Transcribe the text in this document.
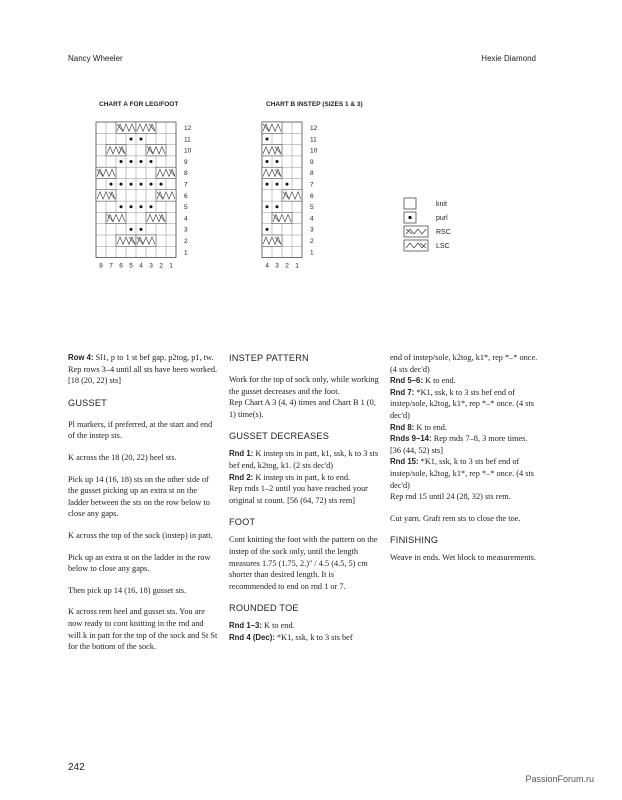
Nancy Wheeler	Hexie Diamond
CHART A FOR LEG/FOOT	CHART B INSTEP (SIZES 1 & 3)
12
11
10
9
8
7
6
5
4
3
2
1
8 7 6 5 4 3 2 1
12
11
10
9
8
7
6
5
4
3
2
1
4 3 2 1
knit
purl
RSC
LSC

Row 4: Sl1, p to 1 st bef gap, p2tog, p1, tw.

Rep rows 3–4 until all sts have been worked. [18 (20, 22) sts]

GUSSET

Pl markers, if preferred, at the start and end of the instep sts.

K across the 18 (20, 22) heel sts.

Pick up 14 (16, 18) sts on the other side of the gusset picking up an extra st on the ladder between the sts on the row below to close any gaps.

K across the top of the sock (instep) in patt.

Pick up an extra st on the ladder in the row below to close any gaps.

Then pick up 14 (16, 18) gusset sts.

K across rem heel and gusset sts. You are now ready to cont knitting in the rnd and will k in patt for the top of the sock and St St for the bottom of the sock.

INSTEP PATTERN

Work for the top of sock only, while working the gusset decreases and the foot.

Rep Chart A 3 (4, 4) times and Chart B 1 (0, 1) time(s).

GUSSET DECREASES

Rnd 1: K instep sts in patt, k1, ssk, k to 3 sts bef end, k2tog, k1. (2 sts dec'd)

Rnd 2: K instep sts in patt, k to end.

Rep rnds 1–2 until you have reached your original st count. [56 (64, 72) sts rem]

FOOT

Cont knitting the foot with the pattern on the instep of the sock only, until the length measures 1.75 (1.75, 2.)" / 4.5 (4.5, 5) cm shorter than desired length. It is recommended to end on rnd 1 or 7.

ROUNDED TOE

Rnd 1–3: K to end.

Rnd 4 (Dec): *K1, ssk, k to 3 sts bef

end of instep/sole, k2tog, k1*, rep *–* once. (4 sts dec'd)

Rnd 5–6: K to end.

Rnd 7: *K1, ssk, k to 3 sts bef end of instep/sole, k2tog, k1*, rep *–* once. (4 sts dec'd)

Rnd 8: K to end.

Rnds 9–14: Rep rnds 7–8, 3 more times. [36 (44, 52) sts]

Rnd 15: *K1, ssk, k to 3 sts bef end of instep/sole, k2tog, k1*, rep *–* once. (4 sts dec'd)

Rep rnd 15 until 24 (28, 32) sts rem.

Cut yarn. Graft rem sts to close the toe.

FINISHING

Weave in ends. Wet block to measurements.

242
PassionForum.ru
